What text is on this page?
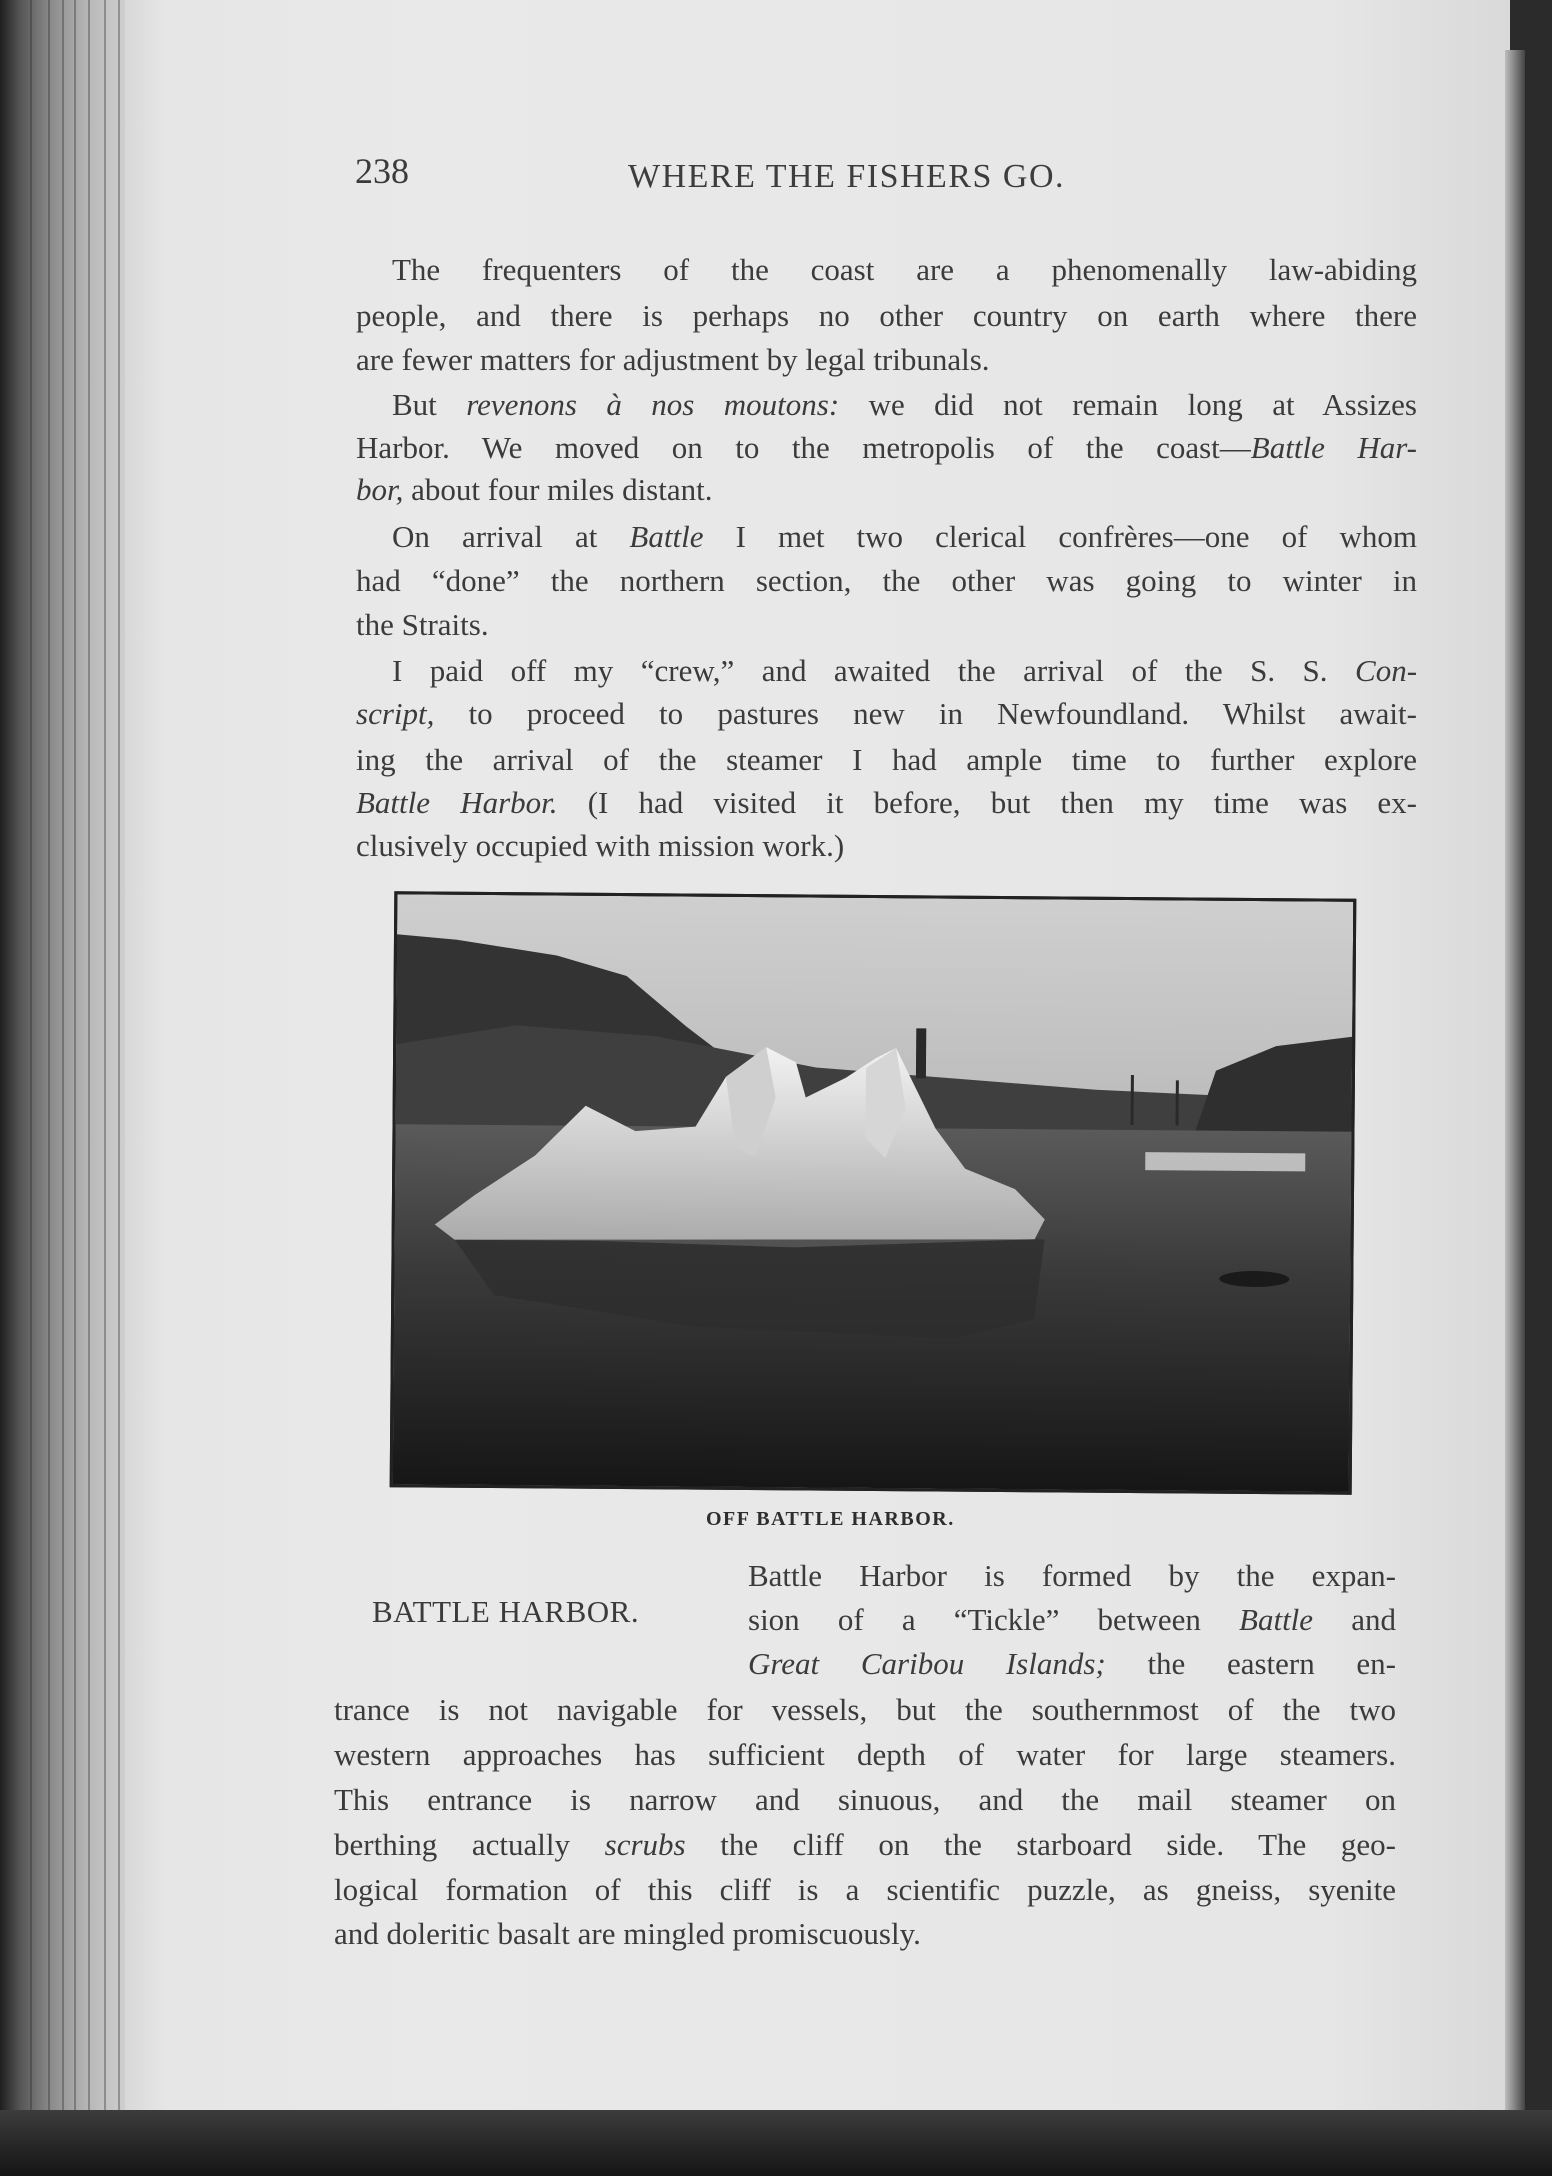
238	WHERE THE FISHERS GO.
The frequenters of the coast are a phenomenally law-abiding
people, and there is perhaps no other country on earth where there
are fewer matters for adjustment by legal tribunals.
But revenons à nos moutons: we did not remain long at Assizes
Harbor. We moved on to the metropolis of the coast—Battle Har-
bor, about four miles distant.
On arrival at Battle I met two clerical confrères—one of whom
had “done” the northern section, the other was going to winter in
the Straits.
I paid off my “crew,” and awaited the arrival of the S. S. Con-
script, to proceed to pastures new in Newfoundland. Whilst await-
ing the arrival of the steamer I had ample time to further explore
Battle Harbor. (I had visited it before, but then my time was ex-
clusively occupied with mission work.)
OFF BATTLE HARBOR.
BATTLE HARBOR.
Battle Harbor is formed by the expan-
sion of a “Tickle” between Battle and
Great Caribou Islands; the eastern en-
trance is not navigable for vessels, but the southernmost of the two
western approaches has sufficient depth of water for large steamers.
This entrance is narrow and sinuous, and the mail steamer on
berthing actually scrubs the cliff on the starboard side. The geo-
logical formation of this cliff is a scientific puzzle, as gneiss, syenite
and doleritic basalt are mingled promiscuously.
